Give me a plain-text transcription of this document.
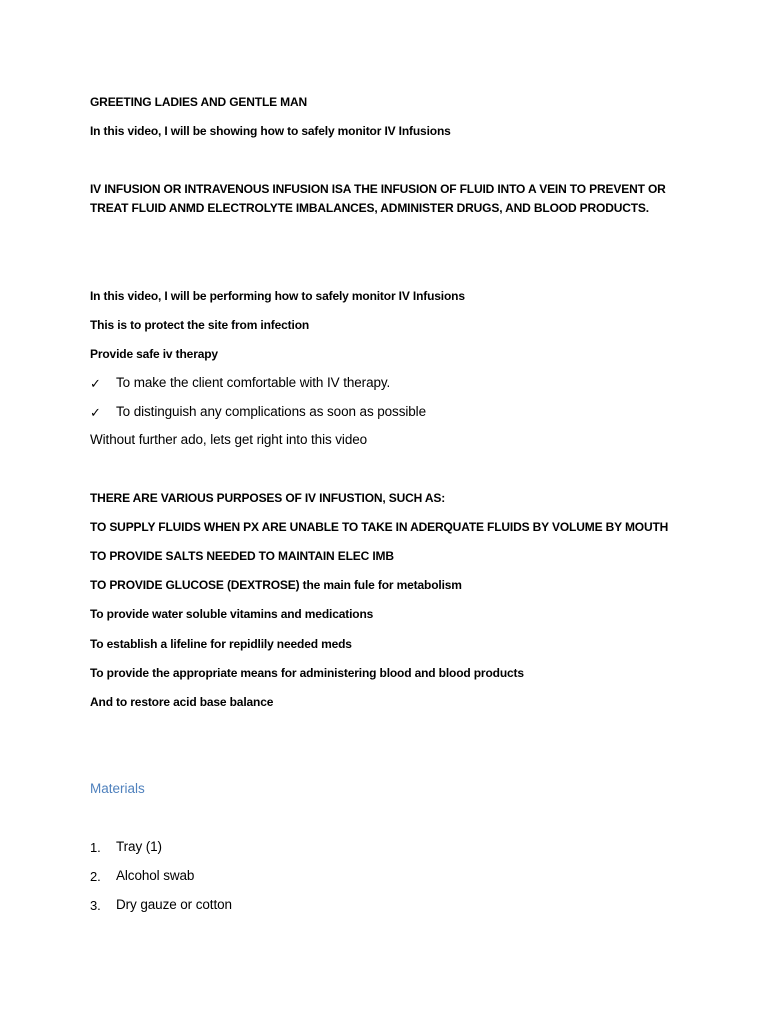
GREETING LADIES AND GENTLE MAN
In this video, I will be showing how to safely monitor IV Infusions
IV INFUSION OR INTRAVENOUS INFUSION ISA THE INFUSION OF FLUID INTO A VEIN TO PREVENT OR
TREAT FLUID ANMD ELECTROLYTE IMBALANCES, ADMINISTER DRUGS, AND BLOOD PRODUCTS.
In this video, I will be performing how to safely monitor IV Infusions
This is to protect the site from infection
Provide safe iv therapy
✓ To make the client comfortable with IV therapy.
✓ To distinguish any complications as soon as possible
Without further ado, lets get right into this video
THERE ARE VARIOUS PURPOSES OF IV INFUSTION, SUCH AS:
TO SUPPLY FLUIDS WHEN PX ARE UNABLE TO TAKE IN ADERQUATE FLUIDS BY VOLUME BY MOUTH
TO PROVIDE SALTS NEEDED TO MAINTAIN ELEC IMB
TO PROVIDE GLUCOSE (DEXTROSE) the main fule for metabolism
To provide water soluble vitamins and medications
To establish a lifeline for repidlily needed meds
To provide the appropriate means for administering blood and blood products
And to restore acid base balance
Materials
1. Tray (1)
2. Alcohol swab
3. Dry gauze or cotton
